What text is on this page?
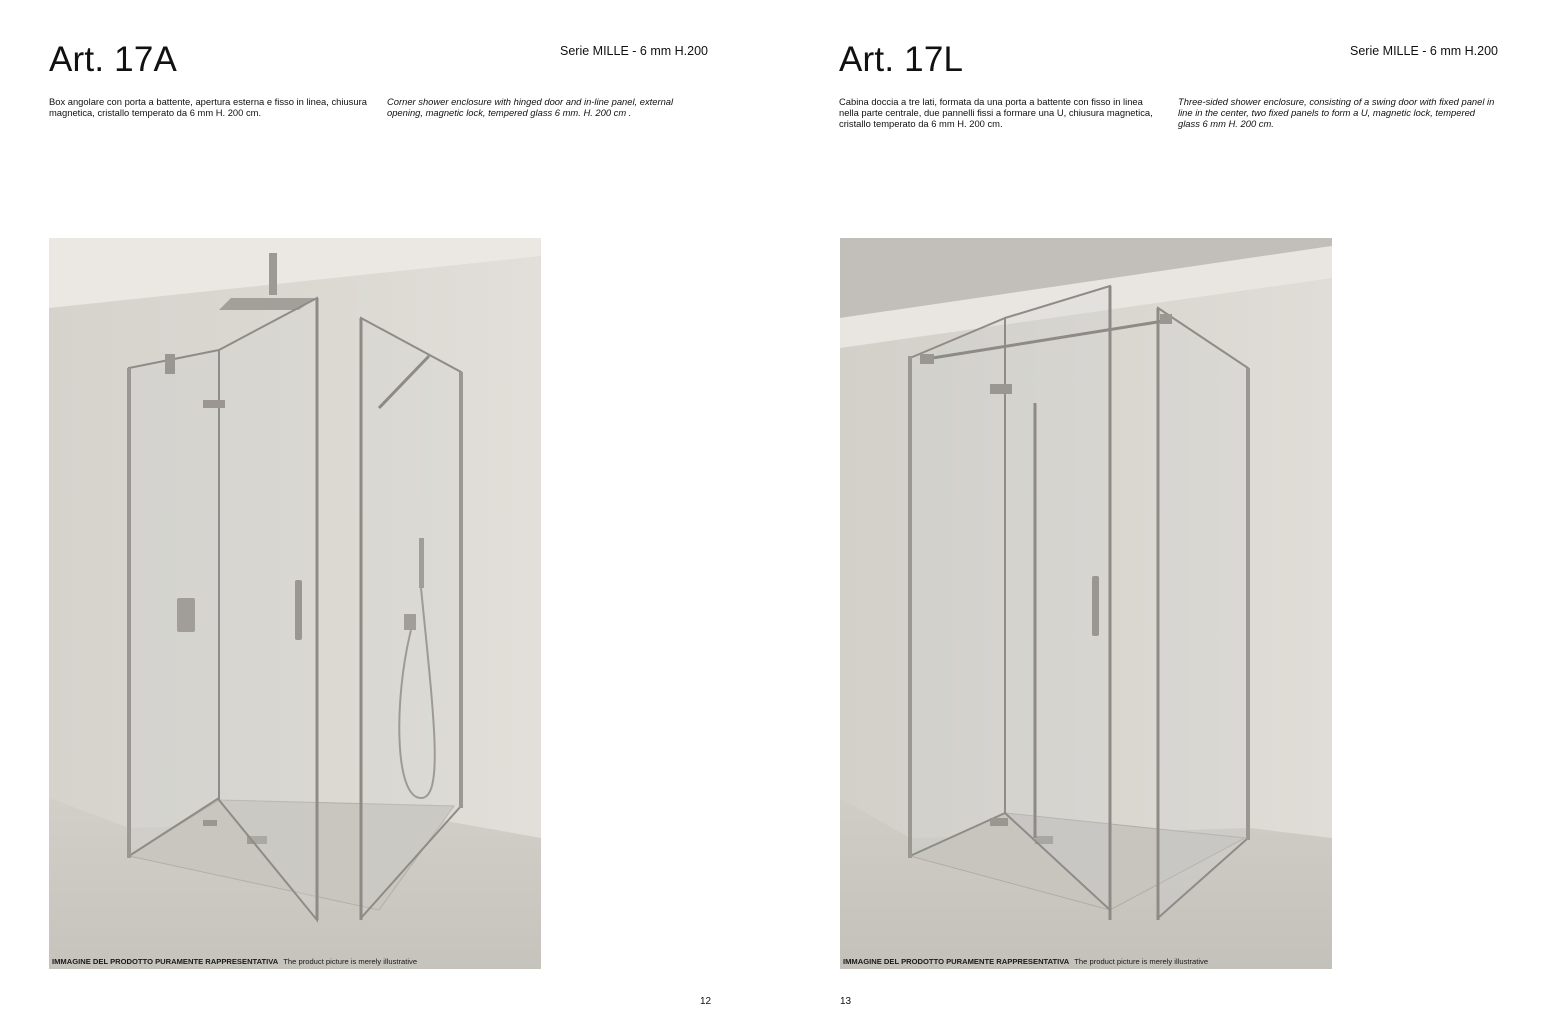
Art. 17A	Serie MILLE - 6 mm H.200

Box angolare con porta a battente, apertura esterna e fisso in linea, chiusura magnetica, cristallo temperato da 6 mm H. 200 cm.

Corner shower enclosure with hinged door and in-line panel, external opening, magnetic lock, tempered glass 6 mm. H. 200 cm .

IMMAGINE DEL PRODOTTO PURAMENTE RAPPRESENTATIVA The product picture is merely illustrative
12
Art. 17L	Serie MILLE - 6 mm H.200

Cabina doccia a tre lati, formata da una porta a battente con fisso in linea nella parte centrale, due pannelli fissi a formare una U, chiusura magnetica, cristallo temperato da 6 mm H. 200 cm.

Three-sided shower enclosure, consisting of a swing door with fixed panel in line in the center, two fixed panels to form a U, magnetic lock, tempered glass 6 mm H. 200 cm.

IMMAGINE DEL PRODOTTO PURAMENTE RAPPRESENTATIVA The product picture is merely illustrative
13
